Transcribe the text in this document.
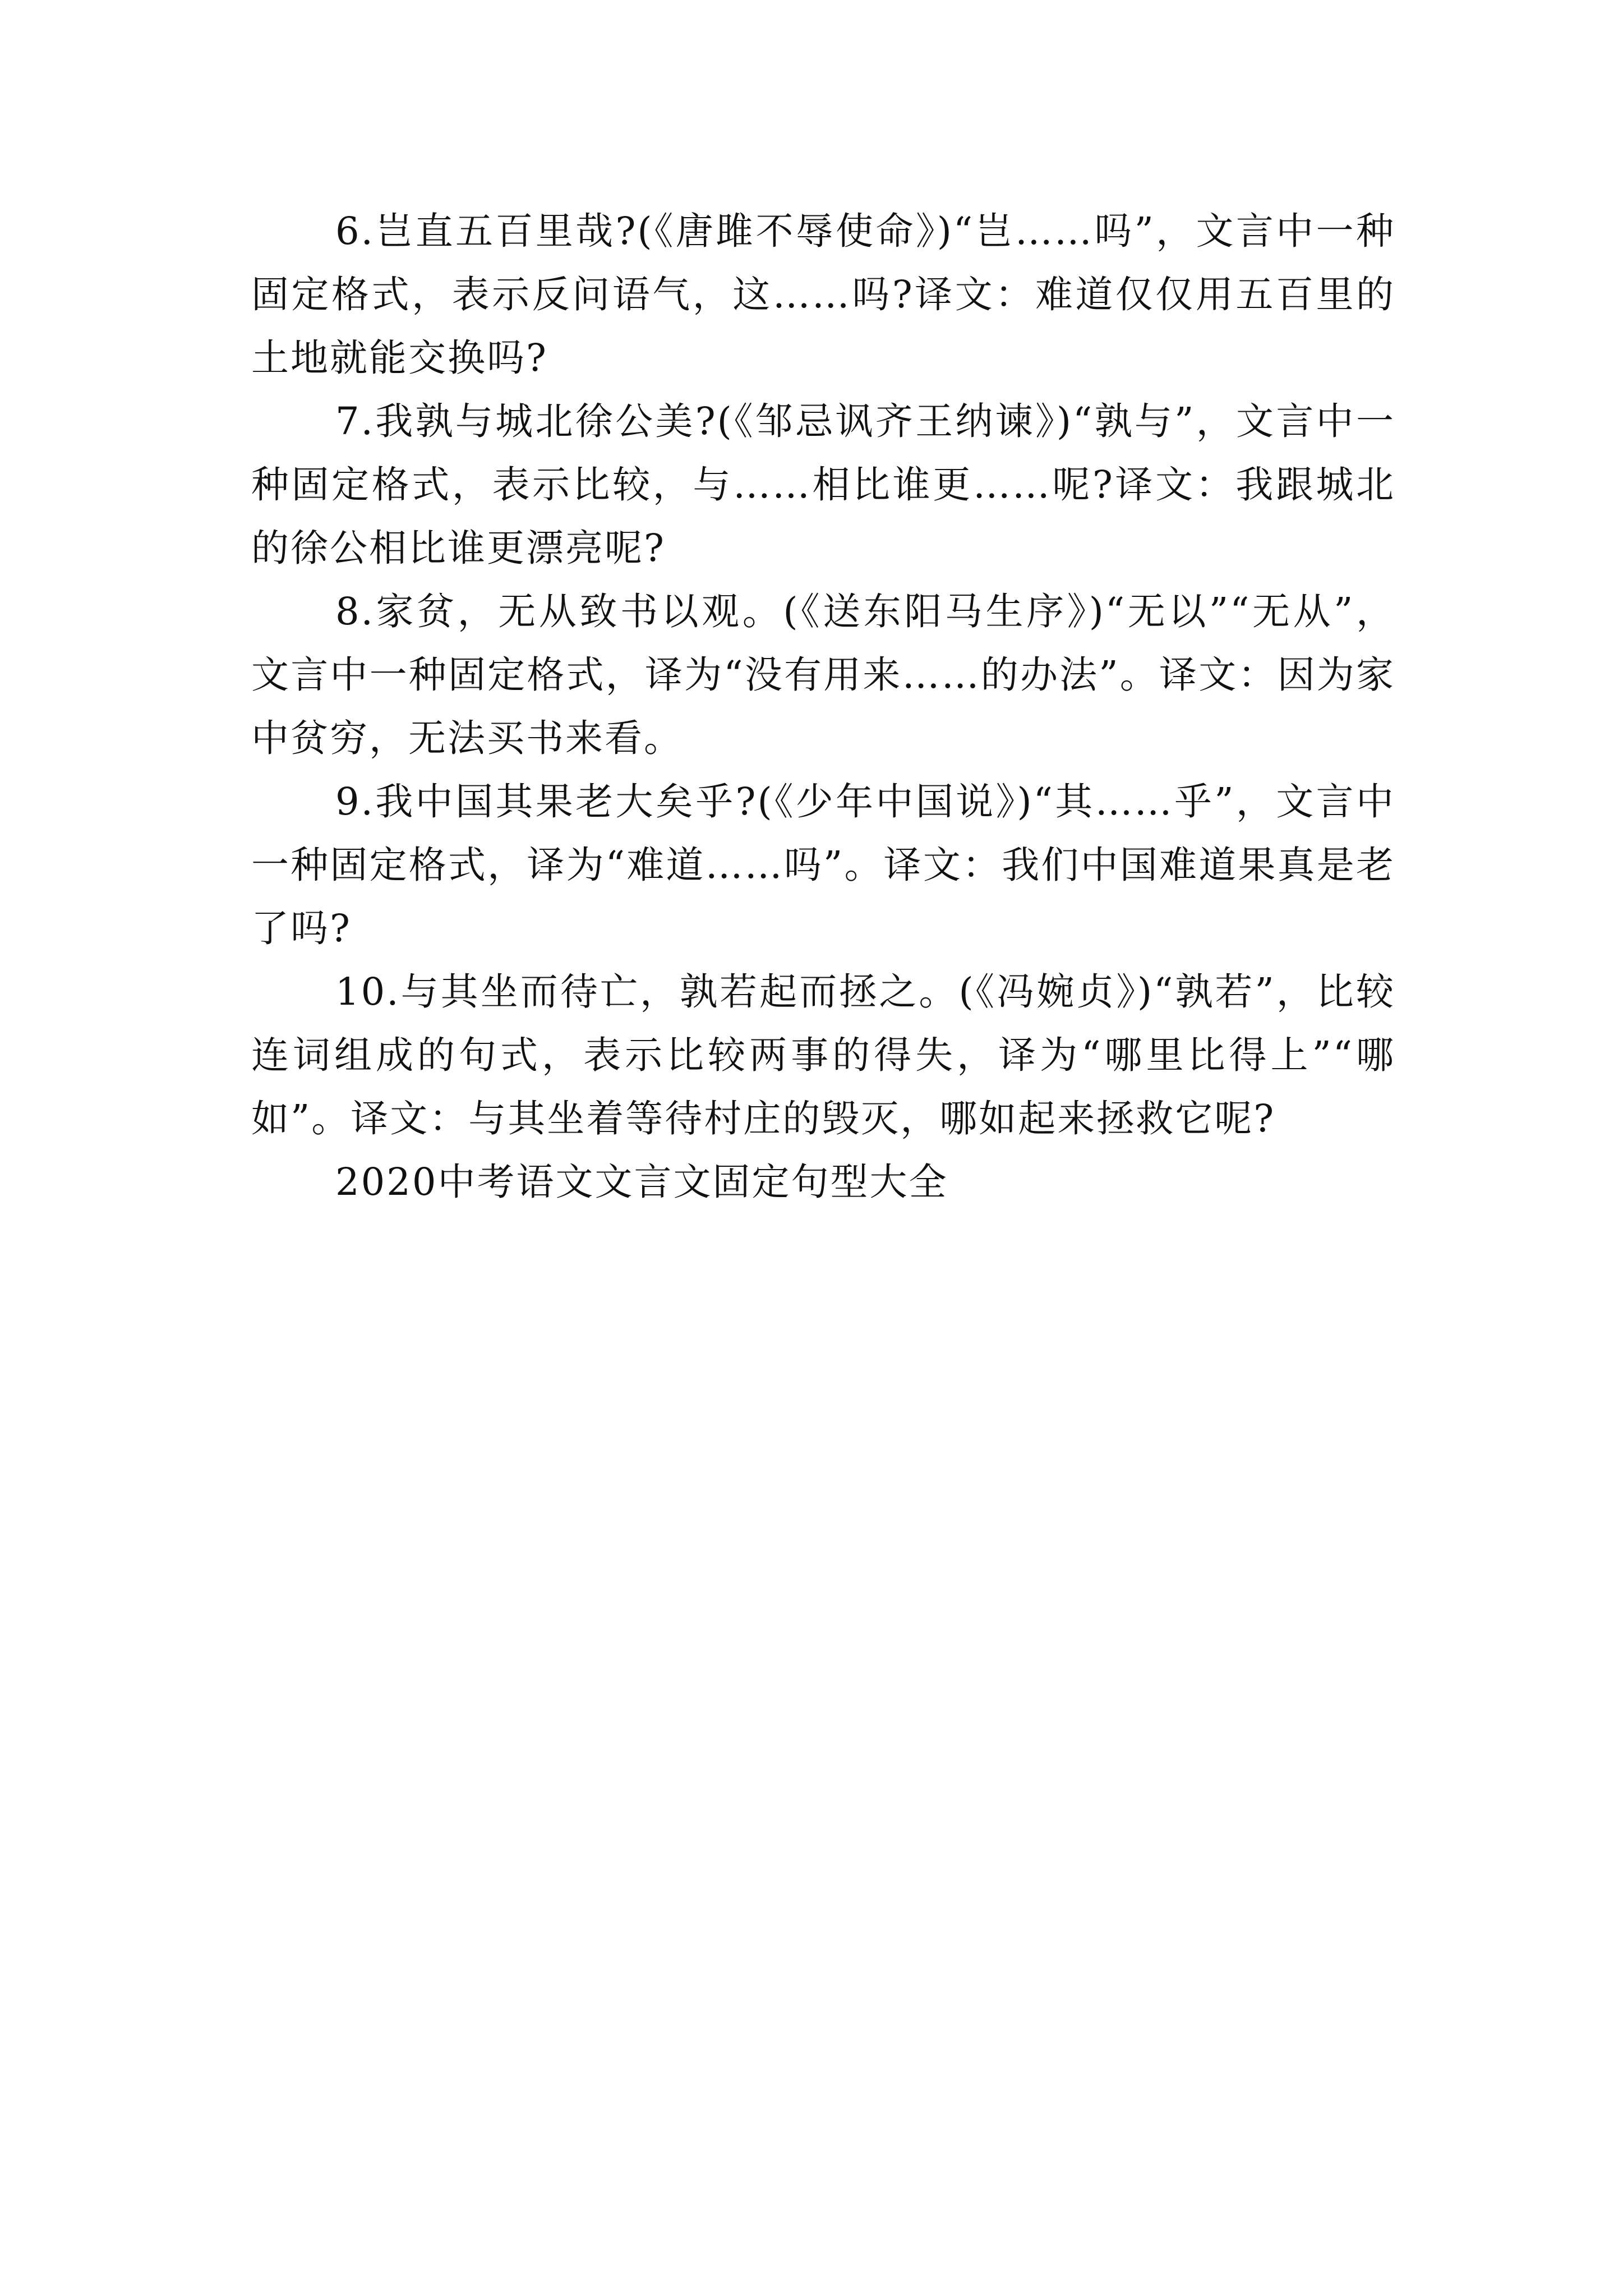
6.岂直五百里哉?(《唐雎不辱使命》)“岂……吗”，文言中一种固定格式，表示反问语气，这……吗?译文：难道仅仅用五百里的土地就能交换吗?

7.我孰与城北徐公美?(《邹忌讽齐王纳谏》)“孰与”，文言中一种固定格式，表示比较，与……相比谁更……呢?译文：我跟城北的徐公相比谁更漂亮呢?

8.家贫，无从致书以观。(《送东阳马生序》)“无以”“无从”，文言中一种固定格式，译为“没有用来……的办法”。译文：因为家中贫穷，无法买书来看。

9.我中国其果老大矣乎?(《少年中国说》)“其……乎”，文言中一种固定格式，译为“难道……吗”。译文：我们中国难道果真是老了吗?

10.与其坐而待亡，孰若起而拯之。(《冯婉贞》)“孰若”，比较连词组成的句式，表示比较两事的得失，译为“哪里比得上”“哪如”。译文：与其坐着等待村庄的毁灭，哪如起来拯救它呢?

2020中考语文文言文固定句型大全
